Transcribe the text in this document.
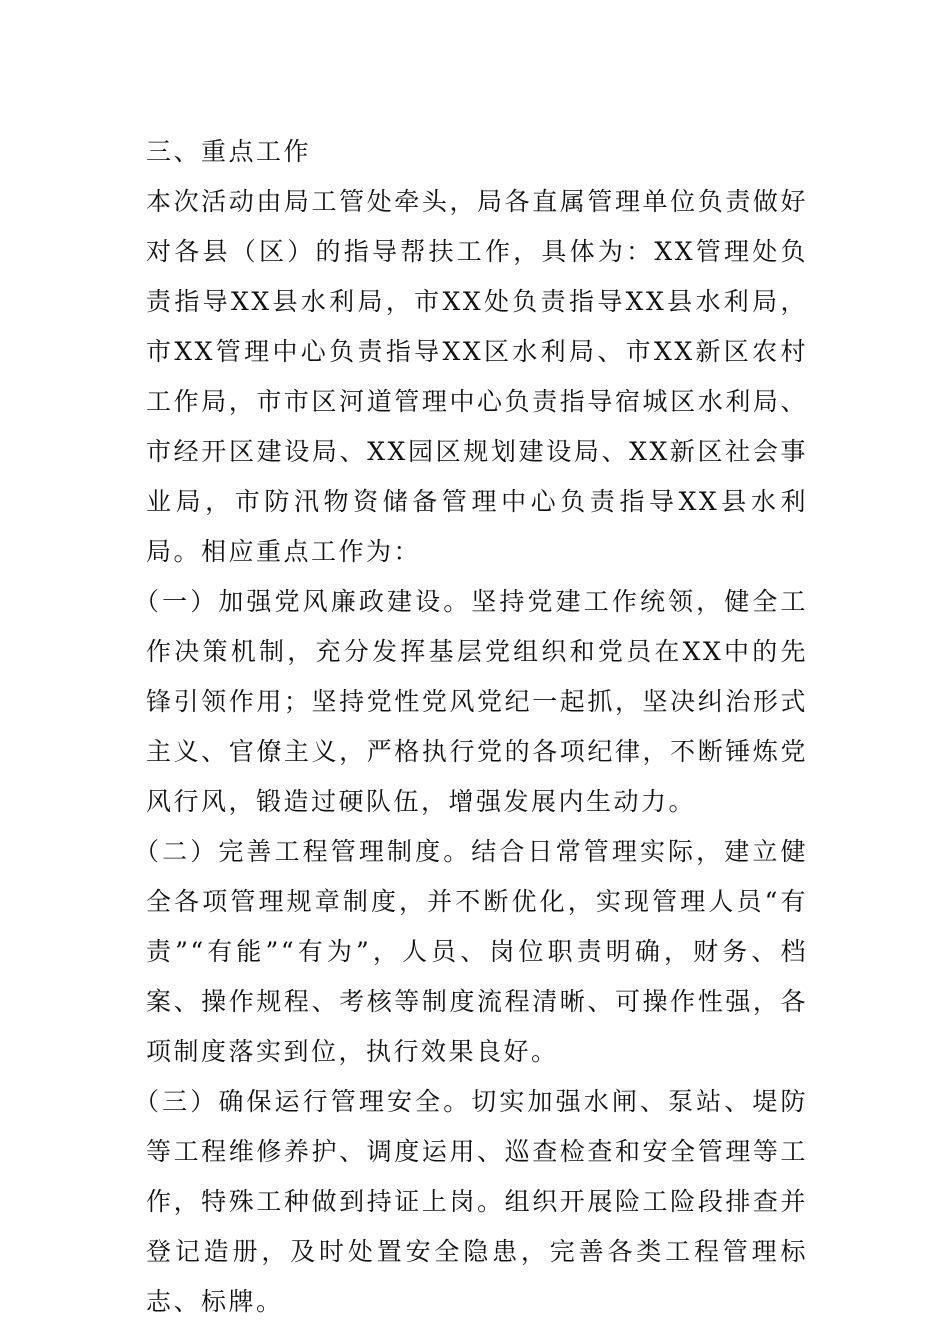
三、重点工作

本次活动由局工管处牵头，局各直属管理单位负责做好对各县（区）的指导帮扶工作，具体为：XX管理处负责指导XX县水利局，市XX处负责指导XX县水利局，市XX管理中心负责指导XX区水利局、市XX新区农村工作局，市市区河道管理中心负责指导宿城区水利局、市经开区建设局、XX园区规划建设局、XX新区社会事业局，市防汛物资储备管理中心负责指导XX县水利局。相应重点工作为：

（一）加强党风廉政建设。坚持党建工作统领，健全工作决策机制，充分发挥基层党组织和党员在XX中的先锋引领作用；坚持党性党风党纪一起抓，坚决纠治形式主义、官僚主义，严格执行党的各项纪律，不断锤炼党风行风，锻造过硬队伍，增强发展内生动力。

（二）完善工程管理制度。结合日常管理实际，建立健全各项管理规章制度，并不断优化，实现管理人员“有责”“有能”“有为”，人员、岗位职责明确，财务、档案、操作规程、考核等制度流程清晰、可操作性强，各项制度落实到位，执行效果良好。

（三）确保运行管理安全。切实加强水闸、泵站、堤防等工程维修养护、调度运用、巡查检查和安全管理等工作，特殊工种做到持证上岗。组织开展险工险段排查并登记造册，及时处置安全隐患，完善各类工程管理标志、标牌。
